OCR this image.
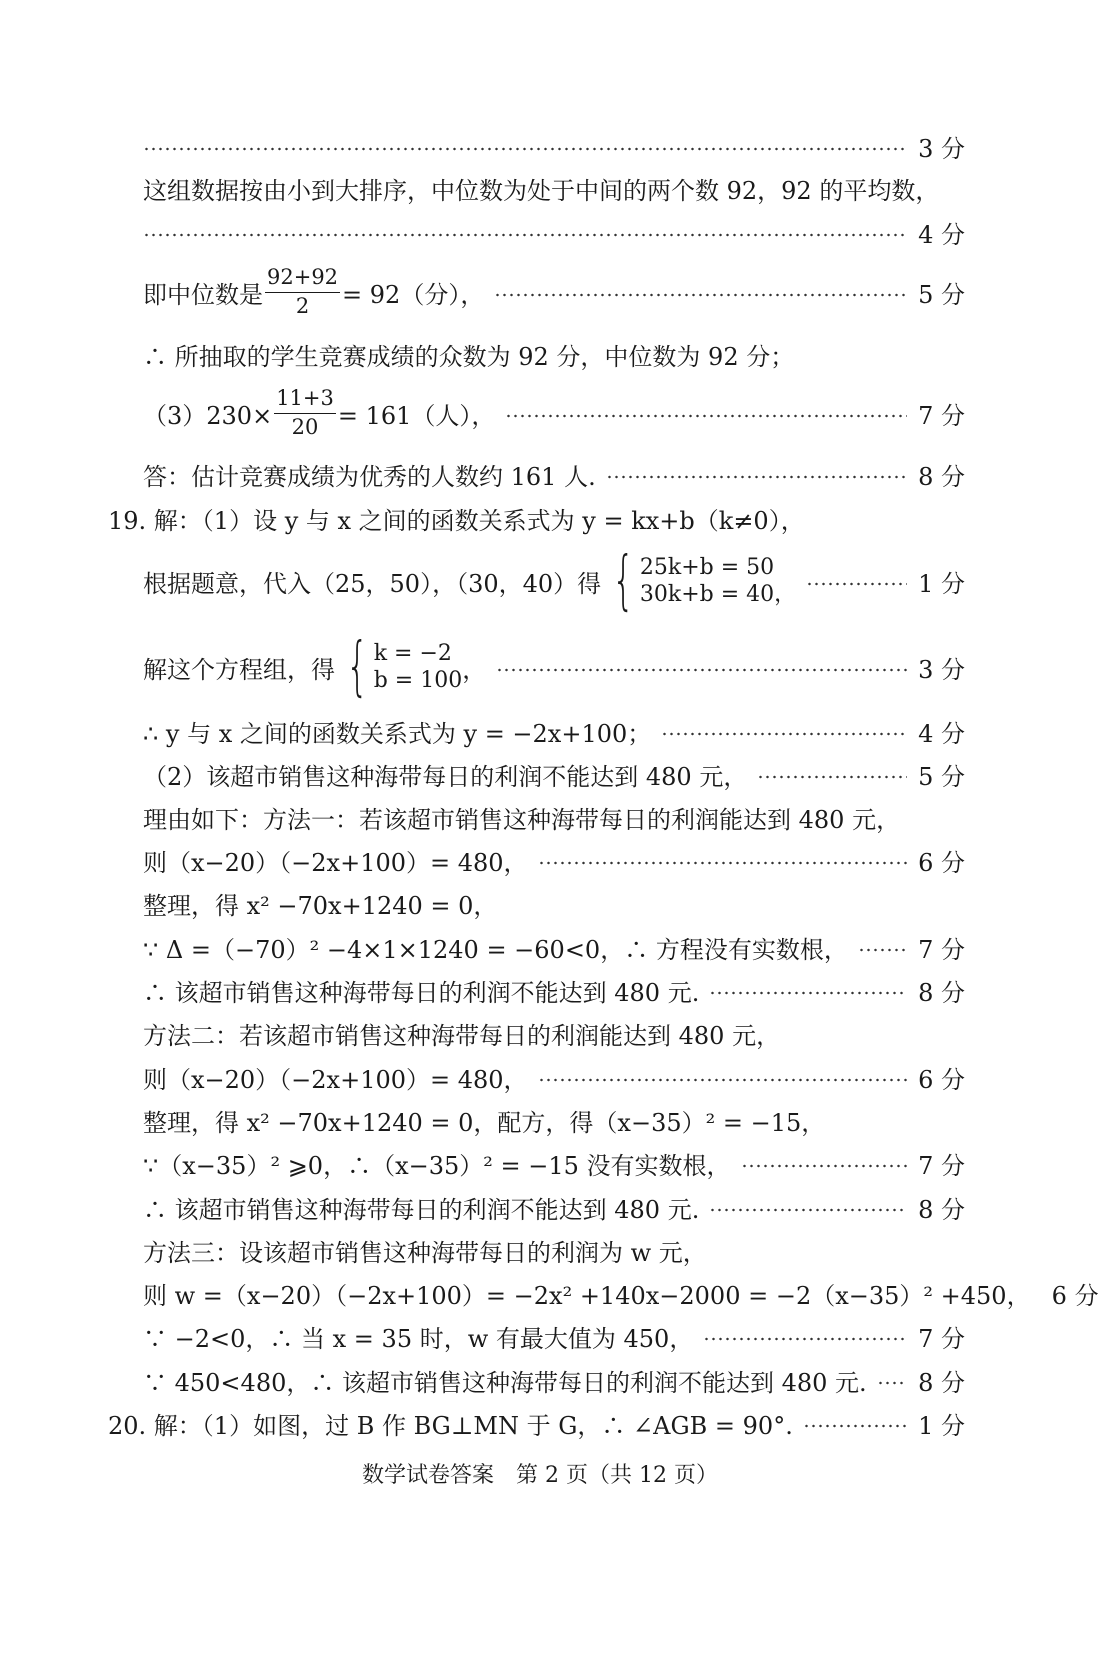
3 分
这组数据按由小到大排序，中位数为处于中间的两个数 92，92 的平均数，
4 分
即中位数是 $\frac{92+92}{2} = 92$（分），	5 分
∴ 所抽取的学生竞赛成绩的众数为 92 分，中位数为 92 分；
$(3)230\times \frac{11+3}{20} = 161$（人），	7 分
答：估计竞赛成绩为优秀的人数约 161 人.	8 分
19. 解：（1）设 y 与 x 之间的函数关系式为 y = kx+b（k≠0），
根据题意，代入（25，50），（30，40）得 { 25k+b = 50
30k+b = 40，	1 分
解这个方程组，得 { k = −2
b = 100 ，	3 分
∴ y 与 x 之间的函数关系式为 y = −2x+100；	4 分
（2）该超市销售这种海带每日的利润不能达到 480 元，	5 分
理由如下：方法一：若该超市销售这种海带每日的利润能达到 480 元，
则（x−20）（−2x+100）= 480，	6 分
整理，得 x² −70x+1240 = 0，
∵ Δ =（−70）² −4×1×1240 = −60<0，∴ 方程没有实数根，	7 分
∴ 该超市销售这种海带每日的利润不能达到 480 元.	8 分
方法二：若该超市销售这种海带每日的利润能达到 480 元，
则（x−20）（−2x+100）= 480，	6 分
整理，得 x² −70x+1240 = 0，配方，得（x−35）² = −15，
∵（x−35）² ⩾0，∴（x−35）² = −15 没有实数根，	7 分
∴ 该超市销售这种海带每日的利润不能达到 480 元.	8 分
方法三：设该超市销售这种海带每日的利润为 w 元，
则 w =（x−20）（−2x+100）= −2x² +140x−2000 = −2（x−35）² +450， 6 分
∵ −2<0，∴ 当 x = 35 时，w 有最大值为 450，	7 分
∵ 450<480，∴ 该超市销售这种海带每日的利润不能达到 480 元. 8 分
20. 解：（1）如图，过 B 作 BG⊥MN 于 G，∴ ∠AGB = 90°.	1 分
数学试卷答案　第 2 页（共 12 页）
